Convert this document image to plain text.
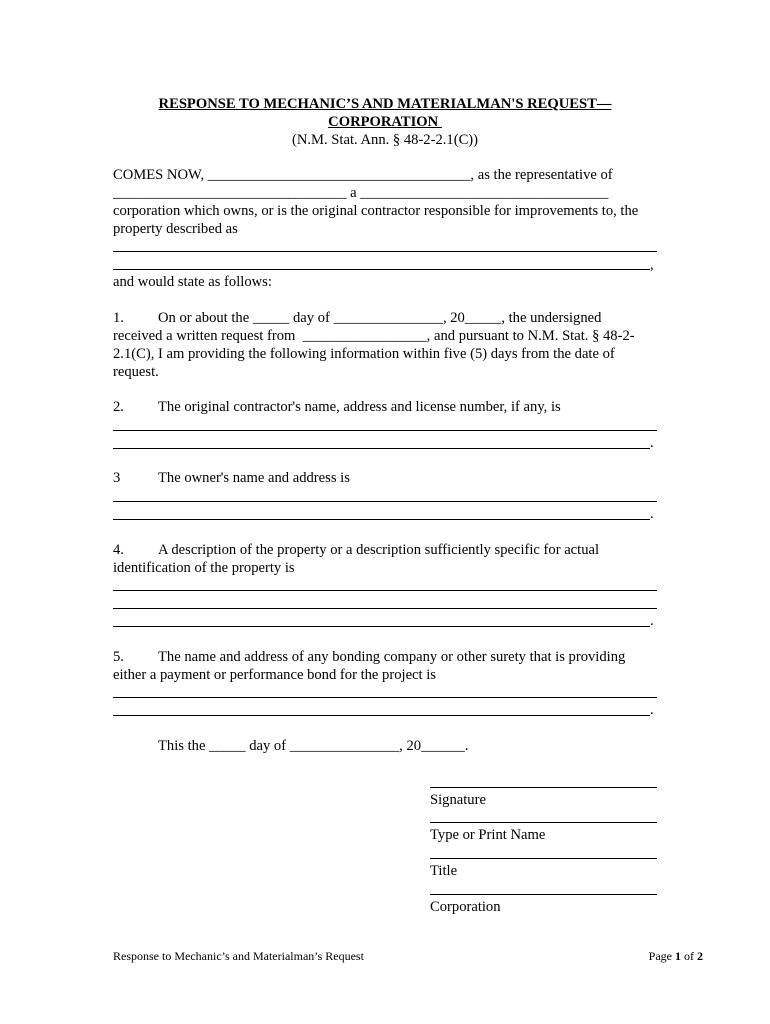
RESPONSE TO MECHANIC’S AND MATERIALMAN'S REQUEST—
CORPORATION
(N.M. Stat. Ann. § 48-2-2.1(C))
COMES NOW, ____________________________________, as the representative of
________________________________ a __________________________________
corporation which owns, or is the original contractor responsible for improvements to, the
property described as
,
and would state as follows:
1. On or about the _____ day of _______________, 20_____, the undersigned
received a written request from  _________________, and pursuant to N.M. Stat. § 48-2-
2.1(C), I am providing the following information within five (5) days from the date of
request.
2. The original contractor's name, address and license number, if any, is
.
3	The owner's name and address is
.
4. A description of the property or a description sufficiently specific for actual
identification of the property is
.
5. The name and address of any bonding company or other surety that is providing
either a payment or performance bond for the project is
.
This the _____ day of _______________, 20______.
Signature
Type or Print Name
Title
Corporation
Response to Mechanic’s and Materialman’s Request	Page 1 of 2
